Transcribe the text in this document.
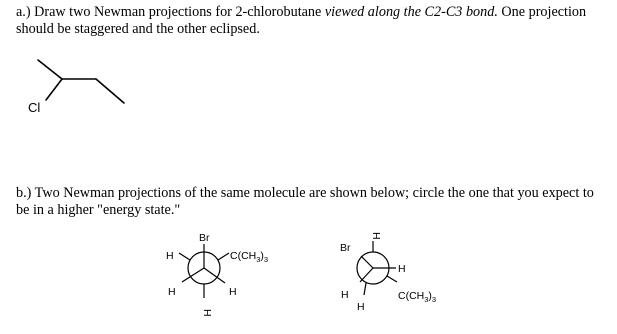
a.) Draw two Newman projections for 2-chlorobutane viewed along the C2-C3 bond. One projection should be staggered and the other eclipsed.

b.) Two Newman projections of the same molecule are shown below; circle the one that you expect to be in a higher "energy state."

Cl
Br
H	$C(CH_3)_3$
H	H
H
Br
H
H
$C(CH_3)_3$
H
H
